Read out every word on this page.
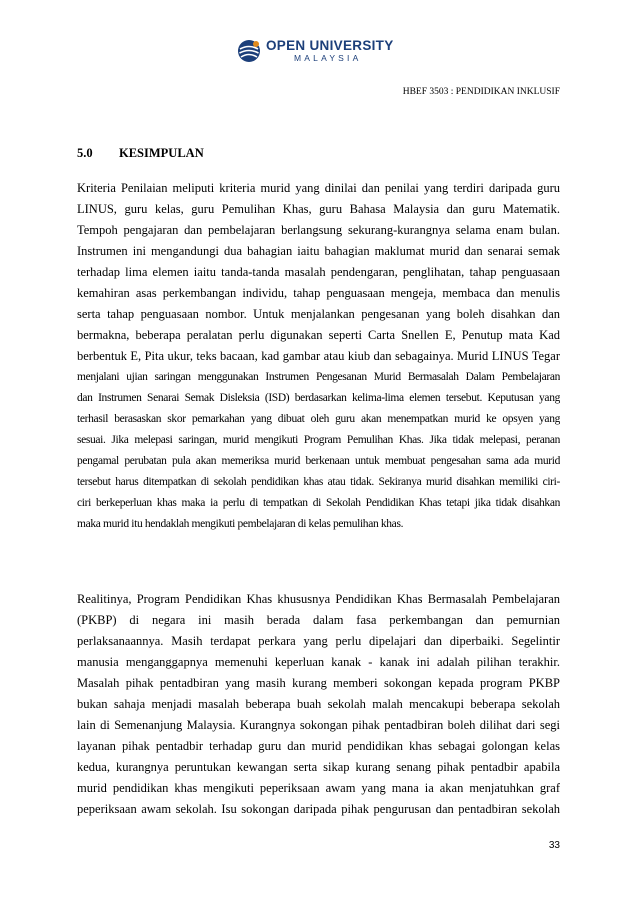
OPEN UNIVERSITY
MALAYSIA
HBEF 3503 : PENDIDIKAN INKLUSIF
5.0 KESIMPULAN
Kriteria Penilaian meliputi kriteria murid yang dinilai dan penilai yang terdiri daripada guru
LINUS, guru kelas, guru Pemulihan Khas, guru Bahasa Malaysia dan guru Matematik.
Tempoh pengajaran dan pembelajaran berlangsung sekurang-kurangnya selama enam bulan.
Instrumen ini mengandungi dua bahagian iaitu bahagian maklumat murid dan senarai semak
terhadap lima elemen iaitu tanda-tanda masalah pendengaran, penglihatan, tahap penguasaan
kemahiran asas perkembangan individu, tahap penguasaan mengeja, membaca dan menulis
serta tahap penguasaan nombor. Untuk menjalankan pengesanan yang boleh disahkan dan
bermakna, beberapa peralatan perlu digunakan seperti Carta Snellen E, Penutup mata Kad
berbentuk E, Pita ukur, teks bacaan, kad gambar atau kiub dan sebagainya. Murid LINUS Tegar
menjalani ujian saringan menggunakan Instrumen Pengesanan Murid Bermasalah Dalam Pembelajaran
dan Instrumen Senarai Semak Disleksia (ISD) berdasarkan kelima-lima elemen tersebut. Keputusan yang
terhasil berasaskan skor pemarkahan yang dibuat oleh guru akan menempatkan murid ke opsyen yang
sesuai. Jika melepasi saringan, murid mengikuti Program Pemulihan Khas. Jika tidak melepasi, peranan
pengamal perubatan pula akan memeriksa murid berkenaan untuk membuat pengesahan sama ada murid
tersebut harus ditempatkan di sekolah pendidikan khas atau tidak. Sekiranya murid disahkan memiliki ciri-
ciri berkeperluan khas maka ia perlu di tempatkan di Sekolah Pendidikan Khas tetapi jika tidak disahkan
maka murid itu hendaklah mengikuti pembelajaran di kelas pemulihan khas.
Realitinya, Program Pendidikan Khas khususnya Pendidikan Khas Bermasalah Pembelajaran
(PKBP) di negara ini masih berada dalam fasa perkembangan dan pemurnian
perlaksanaannya. Masih terdapat perkara yang perlu dipelajari dan diperbaiki. Segelintir
manusia menganggapnya memenuhi keperluan kanak - kanak ini adalah pilihan terakhir.
Masalah pihak pentadbiran yang masih kurang memberi sokongan kepada program PKBP
bukan sahaja menjadi masalah beberapa buah sekolah malah mencakupi beberapa sekolah
lain di Semenanjung Malaysia. Kurangnya sokongan pihak pentadbiran boleh dilihat dari segi
layanan pihak pentadbir terhadap guru dan murid pendidikan khas sebagai golongan kelas
kedua, kurangnya peruntukan kewangan serta sikap kurang senang pihak pentadbir apabila
murid pendidikan khas mengikuti peperiksaan awam yang mana ia akan menjatuhkan graf
peperiksaan awam sekolah. Isu sokongan daripada pihak pengurusan dan pentadbiran sekolah
33
